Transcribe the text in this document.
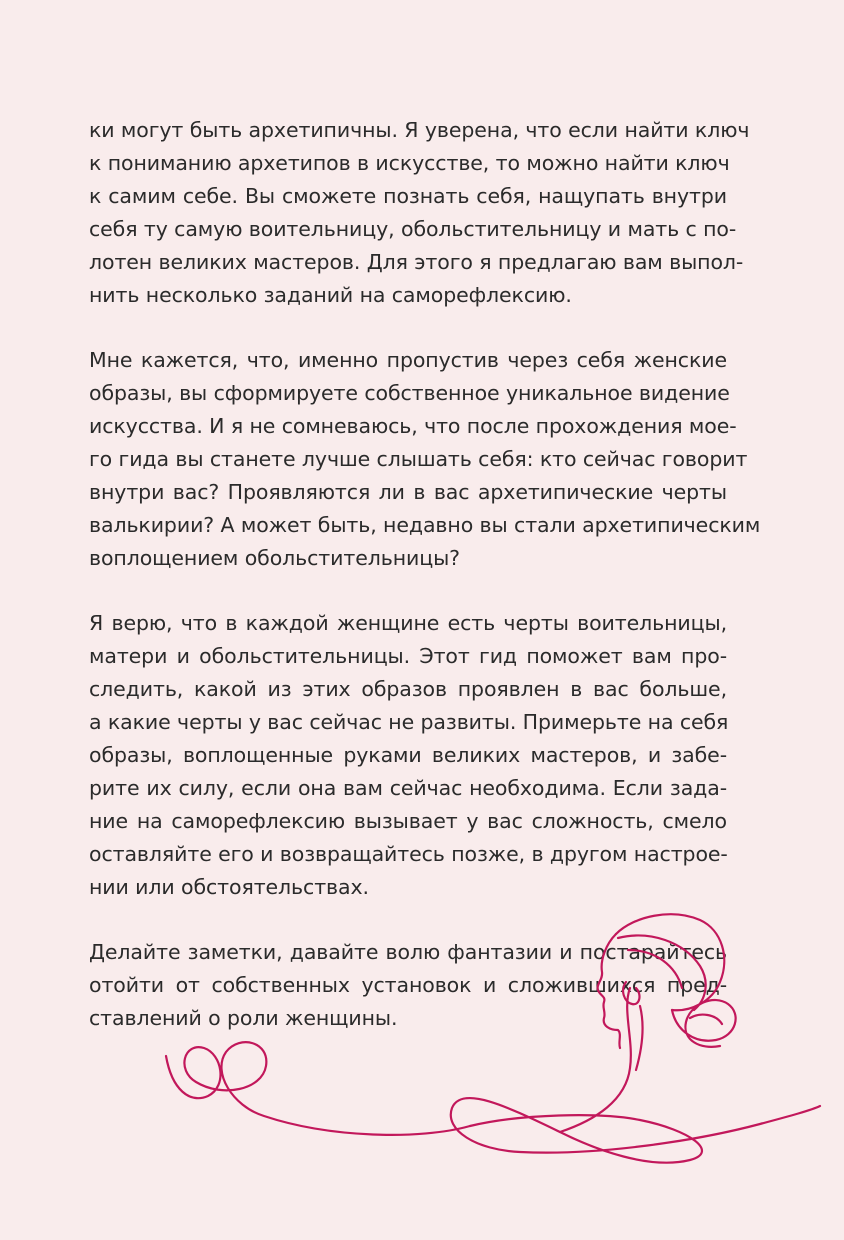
ки могут быть архетипичны. Я уверена, что если найти ключ
к пониманию архетипов в искусстве, то можно найти ключ
к самим себе. Вы сможете познать себя, нащупать внутри
себя ту самую воительницу, обольстительницу и мать с по-
лотен великих мастеров. Для этого я предлагаю вам выпол-
нить несколько заданий на саморефлексию.

Мне кажется, что, именно пропустив через себя женские
образы, вы сформируете собственное уникальное видение
искусства. И я не сомневаюсь, что после прохождения мое-
го гида вы станете лучше слышать себя: кто сейчас говорит
внутри вас? Проявляются ли в вас архетипические черты
валькирии? А может быть, недавно вы стали архетипическим
воплощением обольстительницы?

Я верю, что в каждой женщине есть черты воительницы,
матери и обольстительницы. Этот гид поможет вам про-
следить, какой из этих образов проявлен в вас больше,
а какие черты у вас сейчас не развиты. Примерьте на себя
образы, воплощенные руками великих мастеров, и забе-
рите их силу, если она вам сейчас необходима. Если зада-
ние на саморефлексию вызывает у вас сложность, смело
оставляйте его и возвращайтесь позже, в другом настрое-
нии или обстоятельствах.

Делайте заметки, давайте волю фантазии и постарайтесь
отойти от собственных установок и сложившихся пред-
ставлений о роли женщины.
